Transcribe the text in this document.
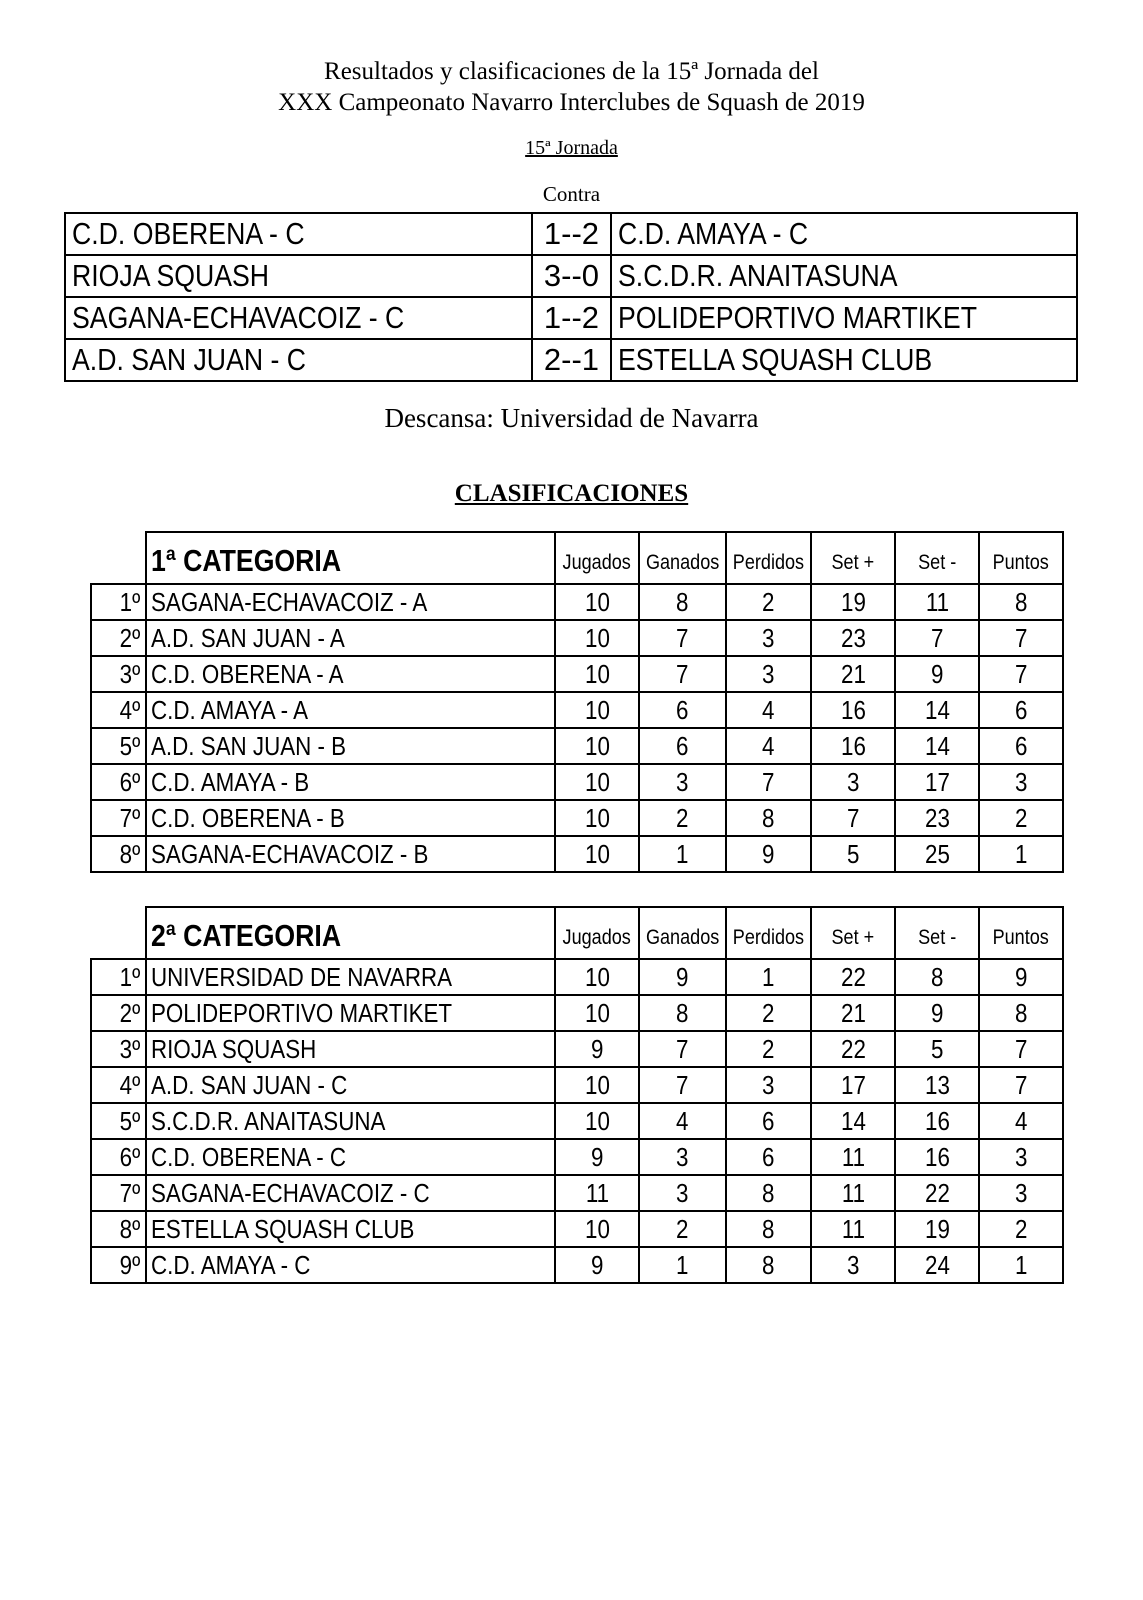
Resultados y clasificaciones de la 15ª Jornada del
XXX Campeonato Navarro Interclubes de Squash de 2019
15ª Jornada
Contra
C.D. OBERENA - C	1--2	C.D. AMAYA - C
RIOJA SQUASH	3--0	S.C.D.R. ANAITASUNA
SAGANA-ECHAVACOIZ - C	1--2	POLIDEPORTIVO MARTIKET
A.D. SAN JUAN - C	2--1	ESTELLA SQUASH CLUB
Descansa: Universidad de Navarra
CLASIFICACIONES
	1ª CATEGORIA	Jugados	Ganados	Perdidos	Set +	Set -	Puntos
1º	SAGANA-ECHAVACOIZ - A	10	8	2	19	11	8
2º	A.D. SAN JUAN - A	10	7	3	23	7	7
3º	C.D. OBERENA - A	10	7	3	21	9	7
4º	C.D. AMAYA - A	10	6	4	16	14	6
5º	A.D. SAN JUAN - B	10	6	4	16	14	6
6º	C.D. AMAYA - B	10	3	7	3	17	3
7º	C.D. OBERENA - B	10	2	8	7	23	2
8º	SAGANA-ECHAVACOIZ - B	10	1	9	5	25	1
	2ª CATEGORIA	Jugados	Ganados	Perdidos	Set +	Set -	Puntos
1º	UNIVERSIDAD DE NAVARRA	10	9	1	22	8	9
2º	POLIDEPORTIVO MARTIKET	10	8	2	21	9	8
3º	RIOJA SQUASH	9	7	2	22	5	7
4º	A.D. SAN JUAN - C	10	7	3	17	13	7
5º	S.C.D.R. ANAITASUNA	10	4	6	14	16	4
6º	C.D. OBERENA - C	9	3	6	11	16	3
7º	SAGANA-ECHAVACOIZ - C	11	3	8	11	22	3
8º	ESTELLA SQUASH CLUB	10	2	8	11	19	2
9º	C.D. AMAYA - C	9	1	8	3	24	1
